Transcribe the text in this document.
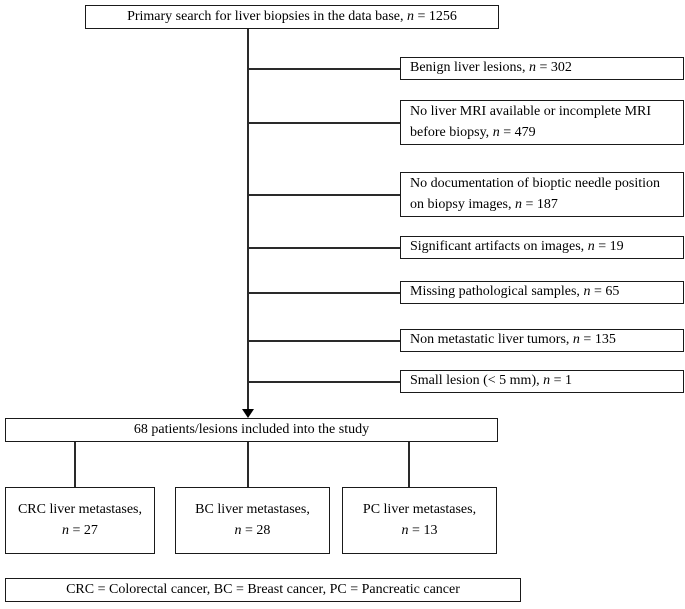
Primary search for liver biopsies in the data base, n = 1256
Benign liver lesions, n = 302
No liver MRI available or incomplete MRI before biopsy, n = 479
No documentation of bioptic needle position on biopsy images, n = 187
Significant artifacts on images, n = 19
Missing pathological samples, n = 65
Non metastatic liver tumors, n = 135
Small lesion (< 5 mm), n = 1
68 patients/lesions included into the study
CRC liver metastases,
n = 27
BC liver metastases,
n = 28
PC liver metastases,
n = 13
CRC = Colorectal cancer, BC = Breast cancer, PC = Pancreatic cancer
